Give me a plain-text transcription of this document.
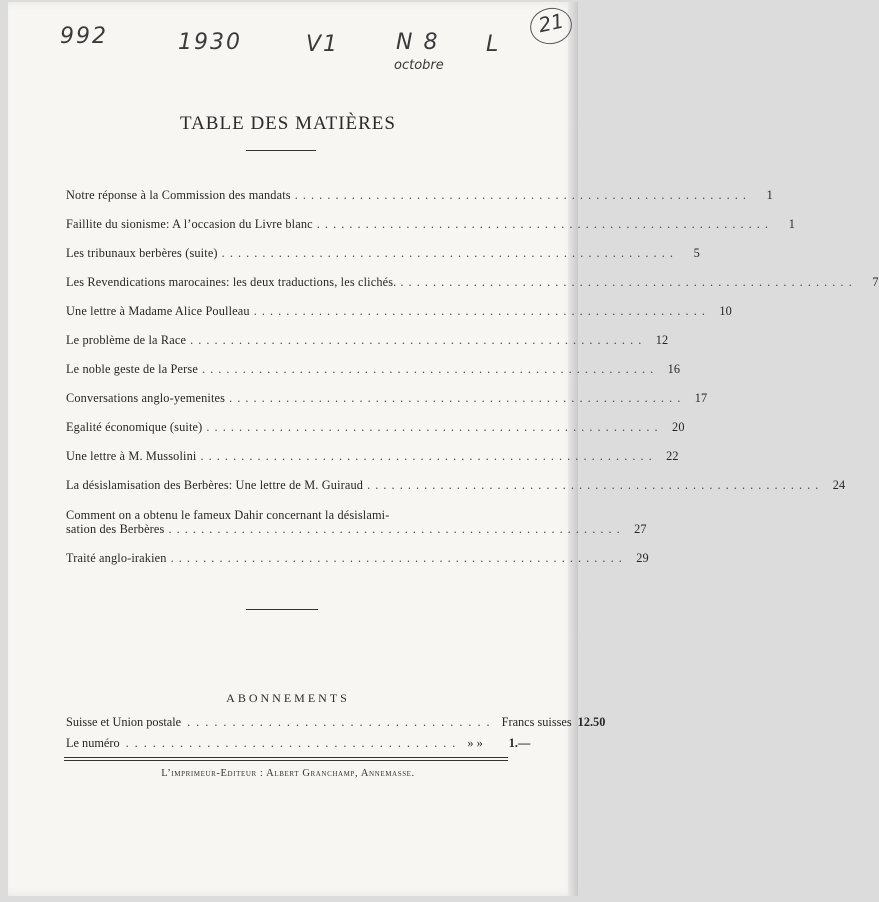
992	1930	V1	N 8
octobre
L
21
TABLE DES MATIÈRES
Notre réponse à la Commission des mandats . . . . . . . . . . . . . . . . . . . . . . . . . . . . . . . . . . . . . . . . . . . . . . . . . . . . . . . .	1
Faillite du sionisme: A l’occasion du Livre blanc . . . . . . . . . . . . . . . . . . . . . . . . . . . . . . . . . . . . . . . . . . . . . . . . . . . . . . . .	1
Les tribunaux berbères (suite) . . . . . . . . . . . . . . . . . . . . . . . . . . . . . . . . . . . . . . . . . . . . . . . . . . . . . . . .	5
Les Revendications marocaines: les deux traductions, les clichés. . . . . . . . . . . . . . . . . . . . . . . . . . . . . . . . . . . . . . . . . . . . . . . . . . . . . . . . .	7
Une lettre à Madame Alice Poulleau . . . . . . . . . . . . . . . . . . . . . . . . . . . . . . . . . . . . . . . . . . . . . . . . . . . . . . . .	10
Le problème de la Race . . . . . . . . . . . . . . . . . . . . . . . . . . . . . . . . . . . . . . . . . . . . . . . . . . . . . . . .	12
Le noble geste de la Perse . . . . . . . . . . . . . . . . . . . . . . . . . . . . . . . . . . . . . . . . . . . . . . . . . . . . . . . .	16
Conversations anglo-yemenites . . . . . . . . . . . . . . . . . . . . . . . . . . . . . . . . . . . . . . . . . . . . . . . . . . . . . . . .	17
Egalité économique (suite) . . . . . . . . . . . . . . . . . . . . . . . . . . . . . . . . . . . . . . . . . . . . . . . . . . . . . . . .	20
Une lettre à M. Mussolini . . . . . . . . . . . . . . . . . . . . . . . . . . . . . . . . . . . . . . . . . . . . . . . . . . . . . . . .	22
La désislamisation des Berbères: Une lettre de M. Guiraud . . . . . . . . . . . . . . . . . . . . . . . . . . . . . . . . . . . . . . . . . . . . . . . . . . . . . . . .	24
Comment on a obtenu le fameux Dahir concernant la désislami-
sation des Berbères . . . . . . . . . . . . . . . . . . . . . . . . . . . . . . . . . . . . . . . . . . . . . . . . . . . . . . . .	27
Traité anglo-irakien . . . . . . . . . . . . . . . . . . . . . . . . . . . . . . . . . . . . . . . . . . . . . . . . . . . . . . . .	29
ABONNEMENTS
Suisse et Union postale .................................. Francs suisses 12.50
Le numéro ..................................... » » 1.—
L’imprimeur-Editeur : Albert Granchamp, Annemasse.
